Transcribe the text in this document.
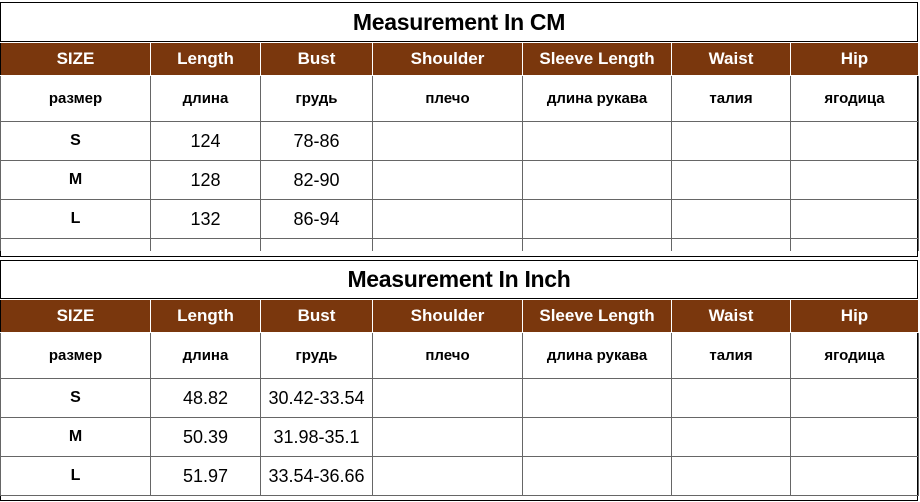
Measurement In CM
SIZE	Length	Bust	Shoulder	Sleeve Length	Waist	Hip
размер	длина	грудь	плечо	длина рукава	талия	ягодица
S	124	78-86				
M	128	82-90				
L	132	86-94				

Measurement In Inch
SIZE	Length	Bust	Shoulder	Sleeve Length	Waist	Hip
размер	длина	грудь	плечо	длина рукава	талия	ягодица
S	48.82	30.42-33.54				
M	50.39	31.98-35.1				
L	51.97	33.54-36.66				
